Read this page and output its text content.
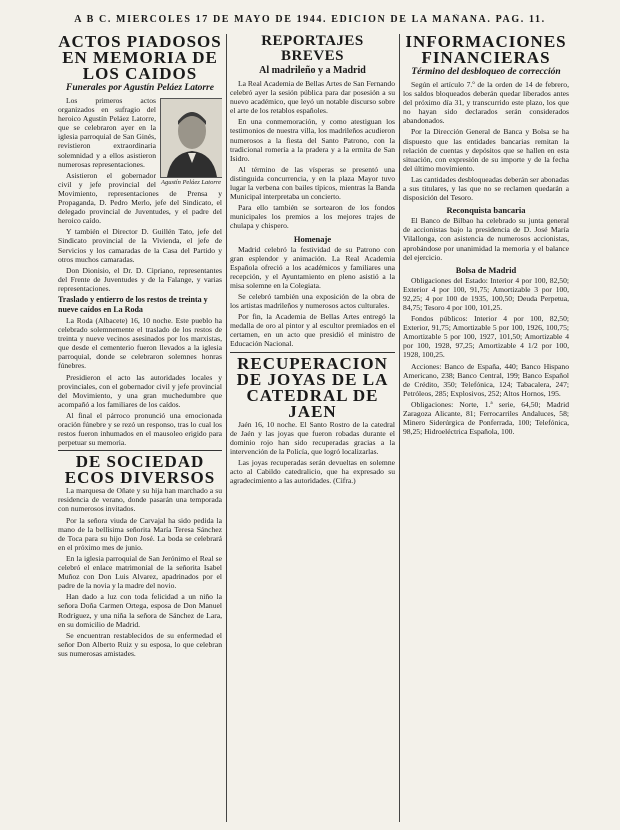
A B C. MIERCOLES 17 DE MAYO DE 1944. EDICION DE LA MAÑANA. PAG. 11.
ACTOS PIADOSOS EN MEMORIA DE LOS CAIDOS
Funerales por Agustín Peláez Latorre
Agustín Peláez Latorre

Los primeros actos organizados en sufragio del heroico Agustín Peláez Latorre, que se celebraron ayer en la iglesia parroquial de San Ginés, revistieron extraordinaria solemnidad y a ellos asistieron numerosas representaciones.

Asistieron el gobernador civil y jefe provincial del Movimiento, representaciones de Prensa y Propaganda, D. Pedro Merlo, jefe del Sindicato, el delegado provincial de Juventudes, y el padre del heroico caído.

Y también el Director D. Guillén Tato, jefe del Sindicato provincial de la Vivienda, el jefe de Servicios y los camaradas de la Casa del Partido y otros muchos camaradas.

Don Dionisio, el Dr. D. Cipriano, representantes del Frente de Juventudes y de la Falange, y varias representaciones.

Traslado y entierro de los restos de treinta y nueve caídos en La Roda

La Roda (Albacete) 16, 10 noche. Este pueblo ha celebrado solemnemente el traslado de los restos de treinta y nueve vecinos asesinados por los marxistas, que desde el cementerio fueron llevados a la iglesia parroquial, donde se celebraron solemnes honras fúnebres.

Presidieron el acto las autoridades locales y provinciales, con el gobernador civil y jefe provincial del Movimiento, y una gran muchedumbre que acompañó a los familiares de los caídos.

Al final el párroco pronunció una emocionada oración fúnebre y se rezó un responso, tras lo cual los restos fueron inhumados en el mausoleo erigido para perpetuar su memoria.

DE SOCIEDAD ECOS DIVERSOS

La marquesa de Oñate y su hija han marchado a su residencia de verano, donde pasarán una temporada con numerosos invitados.

Por la señora viuda de Carvajal ha sido pedida la mano de la bellísima señorita María Teresa Sánchez de Toca para su hijo Don José. La boda se celebrará en el próximo mes de junio.

En la iglesia parroquial de San Jerónimo el Real se celebró el enlace matrimonial de la señorita Isabel Muñoz con Don Luis Alvarez, apadrinados por el padre de la novia y la madre del novio.

Han dado a luz con toda felicidad a un niño la señora Doña Carmen Ortega, esposa de Don Manuel Rodríguez, y una niña la señora de Sánchez de Lara, en su domicilio de Madrid.

Se encuentran restablecidos de su enfermedad el señor Don Alberto Ruiz y su esposa, lo que celebran sus numerosas amistades.

REPORTAJES BREVES
Al madrileño y a Madrid

La Real Academia de Bellas Artes de San Fernando celebró ayer la sesión pública para dar posesión a su nuevo académico, que leyó un notable discurso sobre el arte de los retablos españoles.

En una conmemoración, y como atestiguan los testimonios de nuestra villa, los madrileños acudieron numerosos a la fiesta del Santo Patrono, con la tradicional romería a la pradera y a la ermita de San Isidro.

Al término de las vísperas se presentó una distinguida concurrencia, y en la plaza Mayor tuvo lugar la verbena con bailes típicos, mientras la Banda Municipal interpretaba un concierto.

Para ello también se sortearon de los fondos municipales los premios a los mejores trajes de chulapa y chispero.

Homenaje

Madrid celebró la festividad de su Patrono con gran esplendor y animación. La Real Academia Española ofreció a los académicos y familiares una recepción, y el Ayuntamiento en pleno asistió a la misa solemne en la Colegiata.

Se celebró también una exposición de la obra de los artistas madrileños y numerosos actos culturales.

Por fin, la Academia de Bellas Artes entregó la medalla de oro al pintor y al escultor premiados en el certamen, en un acto que presidió el ministro de Educación Nacional.

RECUPERACION DE JOYAS DE LA CATEDRAL DE JAEN

Jaén 16, 10 noche. El Santo Rostro de la catedral de Jaén y las joyas que fueron robadas durante el dominio rojo han sido recuperadas gracias a la intervención de la Policía, que logró localizarlas.

Las joyas recuperadas serán devueltas en solemne acto al Cabildo catedralicio, que ha expresado su agradecimiento a las autoridades. (Cifra.)

INFORMACIONES FINANCIERAS
Término del desbloqueo de corrección

Según el artículo 7.º de la orden de 14 de febrero, los saldos bloqueados deberán quedar liberados antes del próximo día 31, y transcurrido este plazo, los que no hayan sido declarados serán considerados abandonados.

Por la Dirección General de Banca y Bolsa se ha dispuesto que las entidades bancarias remitan la relación de cuentas y depósitos que se hallen en esta situación, con expresión de su importe y de la fecha del último movimiento.

Las cantidades desbloqueadas deberán ser abonadas a sus titulares, y las que no se reclamen quedarán a disposición del Tesoro.

Reconquista bancaria

El Banco de Bilbao ha celebrado su junta general de accionistas bajo la presidencia de D. José María Vilallonga, con asistencia de numerosos accionistas, aprobándose por unanimidad la memoria y el balance del ejercicio.

Bolsa de Madrid

Obligaciones del Estado: Interior 4 por 100, 82,50; Exterior 4 por 100, 91,75; Amortizable 3 por 100, 92,25; 4 por 100 de 1935, 100,50; Deuda Perpetua, 84,75; Tesoro 4 por 100, 101,25.

Fondos públicos: Interior 4 por 100, 82,50; Exterior, 91,75; Amortizable 5 por 100, 1926, 100,75; Amortizable 5 por 100, 1927, 101,50; Amortizable 4 por 100, 1928, 97,25; Amortizable 4 1/2 por 100, 1928, 100,25.

Acciones: Banco de España, 440; Banco Hispano Americano, 238; Banco Central, 199; Banco Español de Crédito, 350; Telefónica, 124; Tabacalera, 247; Petróleos, 285; Explosivos, 252; Altos Hornos, 195.

Obligaciones: Norte, 1.ª serie, 64,50; Madrid Zaragoza Alicante, 81; Ferrocarriles Andaluces, 58; Minero Siderúrgica de Ponferrada, 100; Telefónica, 98,25; Hidroeléctrica Española, 100.
